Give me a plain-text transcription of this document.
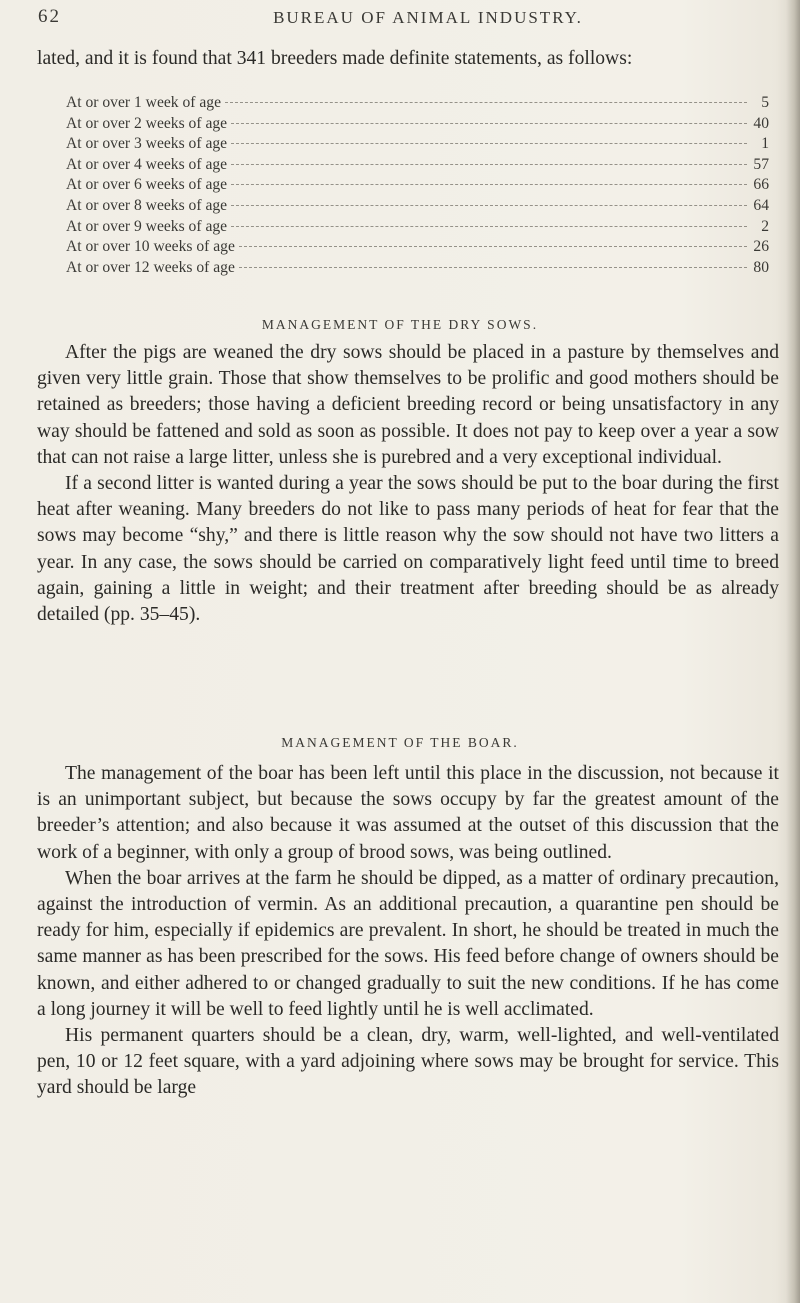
62	BUREAU OF ANIMAL INDUSTRY.
lated, and it is found that 341 breeders made definite statements, as follows:
At or over 1 week of age	5
At or over 2 weeks of age	40
At or over 3 weeks of age	1
At or over 4 weeks of age	57
At or over 6 weeks of age	66
At or over 8 weeks of age	64
At or over 9 weeks of age	2
At or over 10 weeks of age	26
At or over 12 weeks of age	80
MANAGEMENT OF THE DRY SOWS.
After the pigs are weaned the dry sows should be placed in a pasture by themselves and given very little grain. Those that show themselves to be prolific and good mothers should be retained as breeders; those having a deficient breeding record or being unsatisfactory in any way should be fattened and sold as soon as possible. It does not pay to keep over a year a sow that can not raise a large litter, unless she is purebred and a very exceptional individual.
If a second litter is wanted during a year the sows should be put to the boar during the first heat after weaning. Many breeders do not like to pass many periods of heat for fear that the sows may become “shy,” and there is little reason why the sow should not have two litters a year. In any case, the sows should be carried on comparatively light feed until time to breed again, gaining a little in weight; and their treatment after breeding should be as already detailed (pp. 35–45).
MANAGEMENT OF THE BOAR.
The management of the boar has been left until this place in the discussion, not because it is an unimportant subject, but because the sows occupy by far the greatest amount of the breeder’s attention; and also because it was assumed at the outset of this discussion that the work of a beginner, with only a group of brood sows, was being outlined.
When the boar arrives at the farm he should be dipped, as a matter of ordinary precaution, against the introduction of vermin. As an additional precaution, a quarantine pen should be ready for him, especially if epidemics are prevalent. In short, he should be treated in much the same manner as has been prescribed for the sows. His feed before change of owners should be known, and either adhered to or changed gradually to suit the new conditions. If he has come a long journey it will be well to feed lightly until he is well acclimated.
His permanent quarters should be a clean, dry, warm, well-lighted, and well-ventilated pen, 10 or 12 feet square, with a yard adjoining where sows may be brought for service. This yard should be large
